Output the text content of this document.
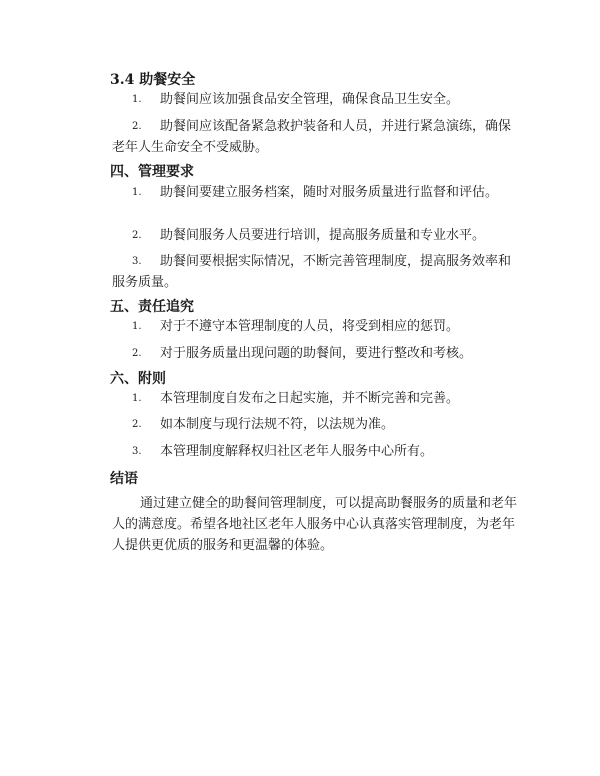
3.4 助餐安全
1.	助餐间应该加强食品安全管理，确保食品卫生安全。
2.	助餐间应该配备紧急救护装备和人员，并进行紧急演练，确保老年人生命安全不受威胁。
四、管理要求
1.	助餐间要建立服务档案，随时对服务质量进行监督和评估。
2.	助餐间服务人员要进行培训，提高服务质量和专业水平。
3.	助餐间要根据实际情况，不断完善管理制度，提高服务效率和服务质量。
五、责任追究
1.	对于不遵守本管理制度的人员，将受到相应的惩罚。
2.	对于服务质量出现问题的助餐间，要进行整改和考核。
六、附则
1.	本管理制度自发布之日起实施，并不断完善和完善。
2.	如本制度与现行法规不符，以法规为准。
3.	本管理制度解释权归社区老年人服务中心所有。
结语
通过建立健全的助餐间管理制度，可以提高助餐服务的质量和老年人的满意度。希望各地社区老年人服务中心认真落实管理制度，为老年人提供更优质的服务和更温馨的体验。
